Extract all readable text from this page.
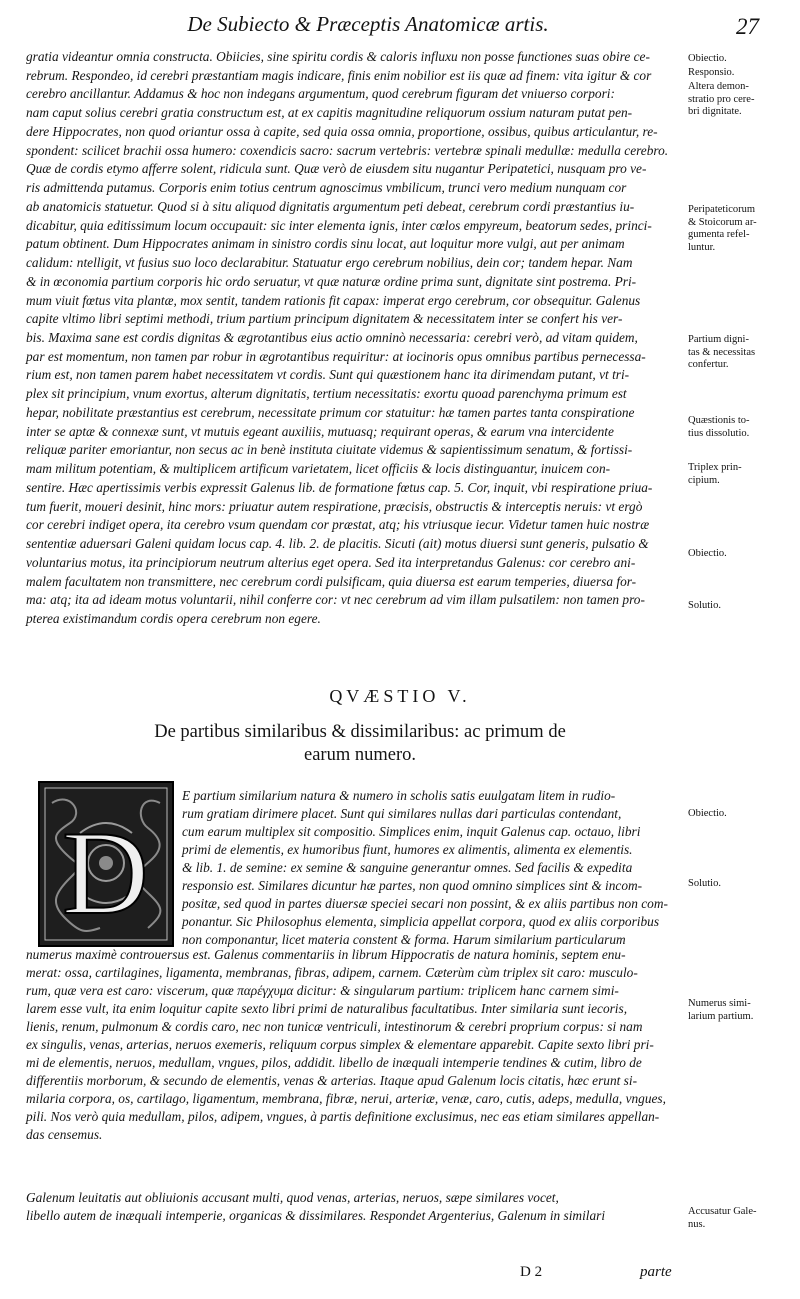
De Subiecto & Præceptis Anatomicæ artis.	27
gratia videantur omnia constructa. Obiicies, sine spiritu cordis & caloris influxu non posse functiones suas obire ce-
rebrum. Respondeo, id cerebri præstantiam magis indicare, finis enim nobilior est iis quæ ad finem: vita igitur & cor
cerebro ancillantur. Addamus & hoc non indegans argumentum, quod cerebrum figuram det vniuerso corpori:
nam caput solius cerebri gratia constructum est, at ex capitis magnitudine reliquorum ossium naturam putat pen-
dere Hippocrates, non quod oriantur ossa à capite, sed quia ossa omnia, proportione, ossibus, quibus articulantur, re-
spondent: scilicet brachii ossa humero: coxendicis sacro: sacrum vertebris: vertebræ spinali medullæ: medulla cerebro.
Quæ de cordis etymo afferre solent, ridicula sunt. Quæ verò de eiusdem situ nugantur Peripatetici, nusquam pro ve-
ris admittenda putamus. Corporis enim totius centrum agnoscimus vmbilicum, trunci vero medium nunquam cor
ab anatomicis statuetur. Quod si à situ aliquod dignitatis argumentum peti debeat, cerebrum cordi præstantius iu-
dicabitur, quia editissimum locum occupauit: sic inter elementa ignis, inter cœlos empyreum, beatorum sedes, princi-
patum obtinent. Dum Hippocrates animam in sinistro cordis sinu locat, aut loquitur more vulgi, aut per animam
calidum: ntelligit, vt fusius suo loco declarabitur. Statuatur ergo cerebrum nobilius, dein cor; tandem hepar. Nam
& in œconomia partium corporis hic ordo seruatur, vt quæ naturæ ordine prima sunt, dignitate sint postrema. Pri-
mum viuit fœtus vita plantæ, mox sentit, tandem rationis fit capax: imperat ergo cerebrum, cor obsequitur. Galenus
capite vltimo libri septimi methodi, trium partium principum dignitatem & necessitatem inter se confert his ver-
bis. Maxima sane est cordis dignitas & ægrotantibus eius actio omninò necessaria: cerebri verò, ad vitam quidem,
par est momentum, non tamen par robur in ægrotantibus requiritur: at iocinoris opus omnibus partibus pernecessa-
rium est, non tamen parem habet necessitatem vt cordis. Sunt qui quæstionem hanc ita dirimendam putant, vt tri-
plex sit principium, vnum exortus, alterum dignitatis, tertium necessitatis: exortu quoad parenchyma primum est
hepar, nobilitate præstantius est cerebrum, necessitate primum cor statuitur: hæ tamen partes tanta conspiratione
inter se aptæ & connexæ sunt, vt mutuis egeant auxiliis, mutuasq; requirant operas, & earum vna intercidente
reliquæ pariter emoriantur, non secus ac in benè instituta ciuitate videmus & sapientissimum senatum, & fortissi-
mam militum potentiam, & multiplicem artificum varietatem, licet officiis & locis distinguantur, inuicem con-
sentire. Hæc apertissimis verbis expressit Galenus lib. de formatione fœtus cap. 5. Cor, inquit, vbi respiratione priua-
tum fuerit, moueri desinit, hinc mors: priuatur autem respiratione, præcisis, obstructis & interceptis neruis: vt ergò
cor cerebri indiget opera, ita cerebro vsum quendam cor præstat, atq; his vtriusque iecur. Videtur tamen huic nostræ
sententiæ aduersari Galeni quidam locus cap. 4. lib. 2. de placitis. Sicuti (ait) motus diuersi sunt generis, pulsatio &
voluntarius motus, ita principiorum neutrum alterius eget opera. Sed ita interpretandus Galenus: cor cerebro ani-
malem facultatem non transmittere, nec cerebrum cordi pulsificam, quia diuersa est earum temperies, diuersa for-
ma: atq; ita ad ideam motus voluntarii, nihil conferre cor: vt nec cerebrum ad vim illam pulsatilem: non tamen pro-
pterea existimandum cordis opera cerebrum non egere.
QVÆSTIO V.
De partibus similaribus & dissimilaribus: ac primum de
earum numero.
D
E partium similarium natura & numero in scholis satis euulgatam litem in rudio-
rum gratiam dirimere placet. Sunt qui similares nullas dari particulas contendant,
cum earum multiplex sit compositio. Simplices enim, inquit Galenus cap. octauo, libri
primi de elementis, ex humoribus fiunt, humores ex alimentis, alimenta ex elementis.
& lib. 1. de semine: ex semine & sanguine generantur omnes. Sed facilis & expedita
responsio est. Similares dicuntur hæ partes, non quod omnino simplices sint & incom-
positæ, sed quod in partes diuersæ speciei secari non possint, & ex aliis partibus non com-
ponantur. Sic Philosophus elementa, simplicia appellat corpora, quod ex aliis corporibus
non componantur, licet materia constent & forma. Harum similarium particularum
numerus maximè controuersus est. Galenus commentariis in librum Hippocratis de natura hominis, septem enu-
merat: ossa, cartilagines, ligamenta, membranas, fibras, adipem, carnem. Cæterùm cùm triplex sit caro: musculo-
rum, quæ vera est caro: viscerum, quæ παρέγχυμα dicitur: & singularum partium: triplicem hanc carnem simi-
larem esse vult, ita enim loquitur capite sexto libri primi de naturalibus facultatibus. Inter similaria sunt iecoris,
lienis, renum, pulmonum & cordis caro, nec non tunicæ ventriculi, intestinorum & cerebri proprium corpus: si nam
ex singulis, venas, arterias, neruos exemeris, reliquum corpus simplex & elementare apparebit. Capite sexto libri pri-
mi de elementis, neruos, medullam, vngues, pilos, addidit. libello de inæquali intemperie tendines & cutim, libro de
differentiis morborum, & secundo de elementis, venas & arterias. Itaque apud Galenum locis citatis, hæc erunt si-
milaria corpora, os, cartilago, ligamentum, membrana, fibræ, nerui, arteriæ, venæ, caro, cutis, adeps, medulla, vngues,
pili. Nos verò quia medullam, pilos, adipem, vngues, à partis definitione exclusimus, nec eas etiam similares appellan-
das censemus.
Galenum leuitatis aut obliuionis accusant multi, quod venas, arterias, neruos, sæpe similares vocet,
libello autem de inæquali intemperie, organicas & dissimilares. Respondet Argenterius, Galenum in similari
Obiectio.
Responsio.
Altera demon-
stratio pro cere-
bri dignitate.
Peripateticorum
& Stoicorum ar-
gumenta refel-
luntur.
Partium digni-
tas & necessitas
confertur.
Quæstionis to-
tius dissolutio.
Triplex prin-
cipium.
Obiectio.
Solutio.
Obiectio.
Solutio.
Numerus simi-
larium partium.
Accusatur Gale-
nus.
D 2	parte
